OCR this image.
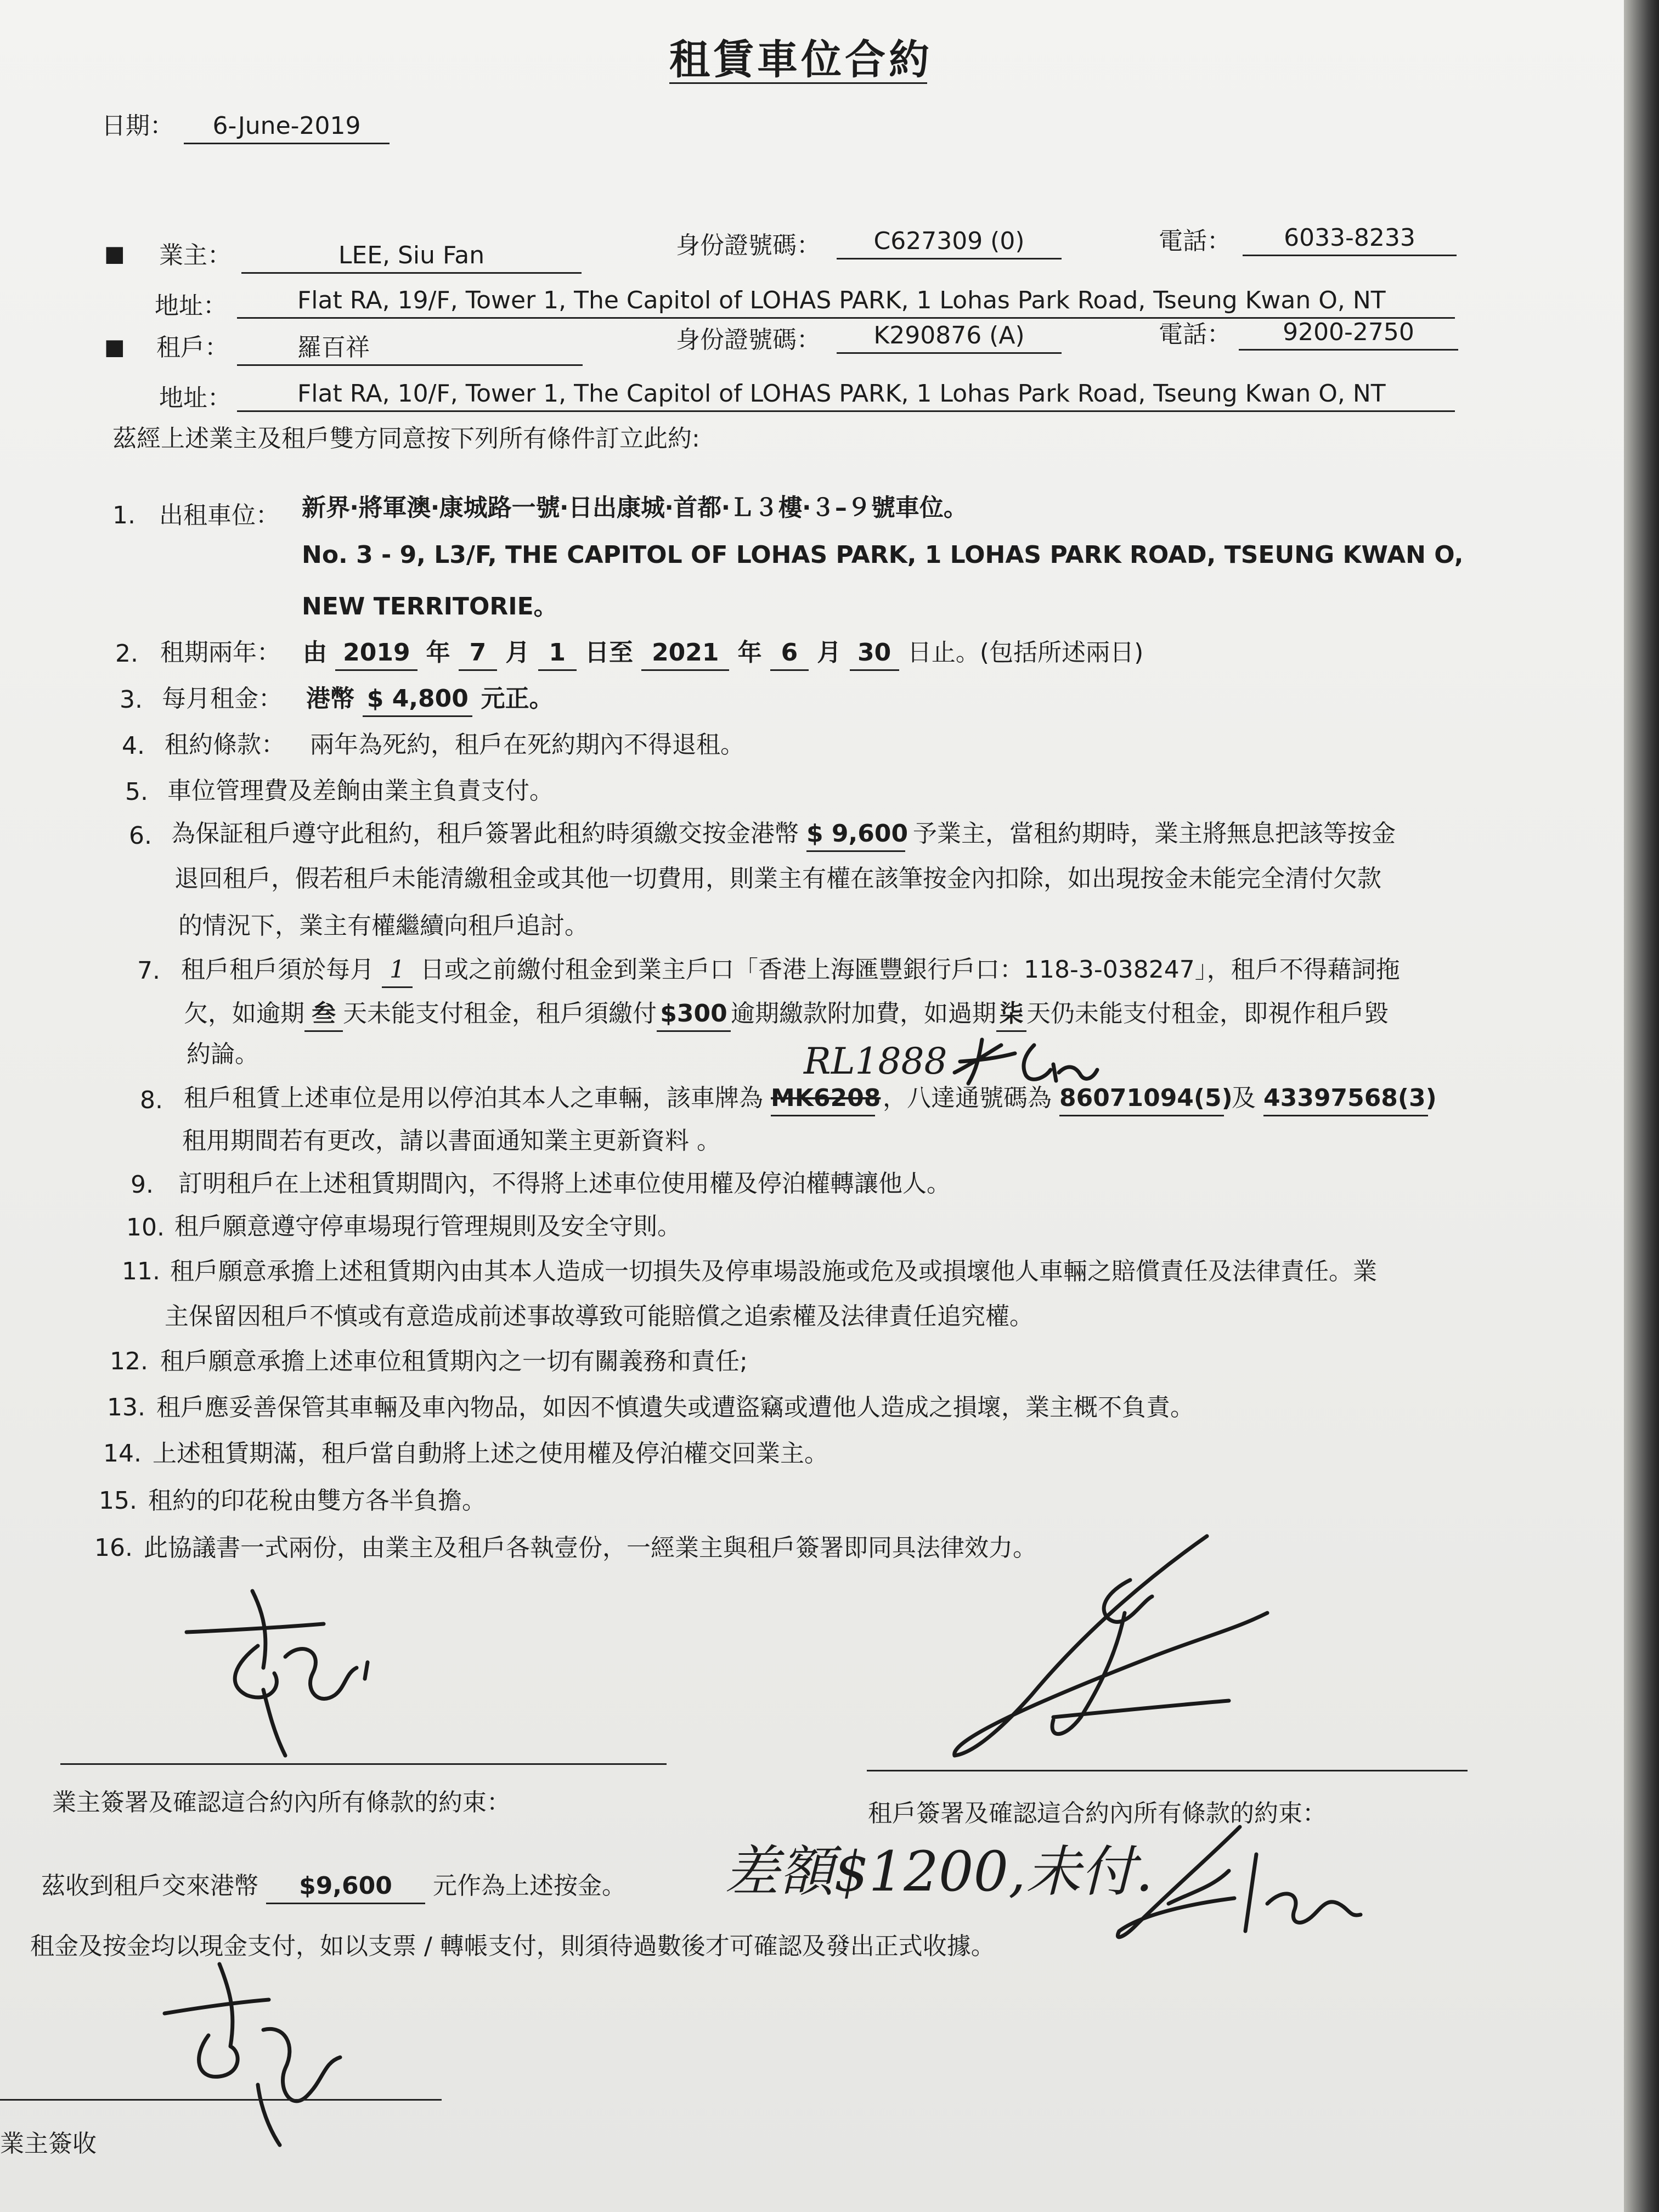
租賃車位合約
日期：	6-June-2019
■ 業主：	LEE, Siu Fan	身份證號碼：	C627309 (0)	電話：	6033-8233
地址：	Flat RA, 19/F, Tower 1, The Capitol of LOHAS PARK, 1 Lohas Park Road, Tseung Kwan O, NT
■ 租戶：	羅百祥	身份證號碼：	K290876 (A)	電話：	9200-2750
地址：	Flat RA, 10/F, Tower 1, The Capitol of LOHAS PARK, 1 Lohas Park Road, Tseung Kwan O, NT
茲經上述業主及租戶雙方同意按下列所有條件訂立此約:
1. 出租車位： 新界‧將軍澳‧康城路一號‧日出康城‧首都‧Ｌ３樓‧３–９號車位。
No. 3 - 9, L3/F, THE CAPITOL OF LOHAS PARK, 1 LOHAS PARK ROAD, TSEUNG KWAN O,
NEW TERRITORIE。
2. 租期兩年： 由 2019 年 7 月 1 日至 2021 年 6 月 30 日止。(包括所述兩日)
3. 每月租金： 港幣 $ 4,800 元正。
4. 租約條款： 兩年為死約，租戶在死約期內不得退租。
5. 車位管理費及差餉由業主負責支付。
6. 為保証租戶遵守此租約，租戶簽署此租約時須繳交按金港幣 $ 9,600 予業主，當租約期時，業主將無息把該等按金
退回租戶，假若租戶未能清繳租金或其他一切費用，則業主有權在該筆按金內扣除，如出現按金未能完全清付欠款
的情況下，業主有權繼續向租戶追討。
7. 租戶租戶須於每月 1 日或之前繳付租金到業主戶口「香港上海匯豐銀行戶口：118-3-038247」，租戶不得藉詞拖
欠，如逾期 叁 天未能支付租金，租戶須繳付 $300 逾期繳款附加費，如過期 柒 天仍未能支付租金，即視作租戶毀
約論。	RL1888
8. 租戶租賃上述車位是用以停泊其本人之車輛，該車牌為 MK6208 ，八達通號碼為 86071094(5) 及 43397568(3)
租用期間若有更改，請以書面通知業主更新資料 。
9. 訂明租戶在上述租賃期間內，不得將上述車位使用權及停泊權轉讓他人。
10. 租戶願意遵守停車場現行管理規則及安全守則。
11. 租戶願意承擔上述租賃期內由其本人造成一切損失及停車場設施或危及或損壞他人車輛之賠償責任及法律責任。業
主保留因租戶不慎或有意造成前述事故導致可能賠償之追索權及法律責任追究權。
12. 租戶願意承擔上述車位租賃期內之一切有關義務和責任;
13. 租戶應妥善保管其車輛及車內物品，如因不慎遺失或遭盜竊或遭他人造成之損壞，業主概不負責。
14. 上述租賃期滿，租戶當自動將上述之使用權及停泊權交回業主。
15. 租約的印花稅由雙方各半負擔。
16. 此協議書一式兩份，由業主及租戶各執壹份，一經業主與租戶簽署即同具法律效力。
業主簽署及確認這合約內所有條款的約束：	租戶簽署及確認這合約內所有條款的約束：
茲收到租戶交來港幣 $9,600 元作為上述按金。 差額$1200,未付.
租金及按金均以現金支付，如以支票 / 轉帳支付，則須待過數後才可確認及發出正式收據。
業主簽收
